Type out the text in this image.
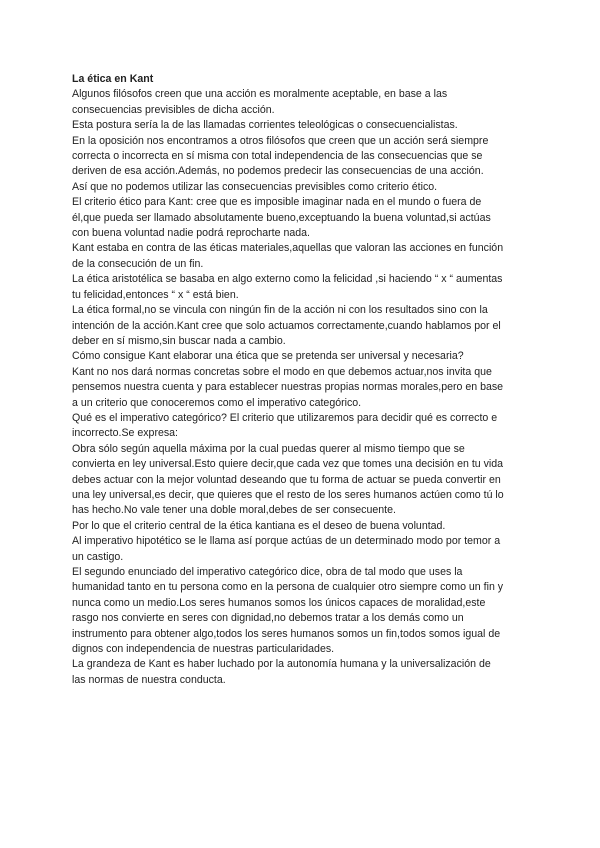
La ética en Kant
Algunos filósofos creen que una acción es moralmente aceptable, en base a lasconsecuencias previsibles de dicha acción.
Esta postura sería la de las llamadas corrientes teleológicas o consecuencialistas.
En la oposición nos encontramos a otros filósofos que creen que un acción será siemprecorrecta o incorrecta en sí misma con total independencia de las consecuencias que sederiven de esa acción.Además, no podemos predecir las consecuencias de una acción.Así que no podemos utilizar las consecuencias previsibles como criterio ético.
El criterio ético para Kant: cree que es imposible imaginar nada en el mundo o fuera deél,que pueda ser llamado absolutamente bueno,exceptuando la buena voluntad,si actúascon buena voluntad nadie podrá reprocharte nada.
Kant estaba en contra de las éticas materiales,aquellas que valoran las acciones en funciónde la consecución de un fin.
La ética aristotélica se basaba en algo externo como la felicidad ,si haciendo “ x “ aumentastu felicidad,entonces “ x “ está bien.
La ética formal,no se vincula con ningún fin de la acción ni con los resultados sino con laintención de la acción.Kant cree que solo actuamos correctamente,cuando hablamos por eldeber en sí mismo,sin buscar nada a cambio.
Cómo consigue Kant elaborar una ética que se pretenda ser universal y necesaria?
Kant no nos dará normas concretas sobre el modo en que debemos actuar,nos invita quepensemos nuestra cuenta y para establecer nuestras propias normas morales,pero en basea un criterio que conoceremos como el imperativo categórico.
Qué es el imperativo categórico? El criterio que utilizaremos para decidir qué es correcto eincorrecto.Se expresa:
Obra sólo según aquella máxima por la cual puedas querer al mismo tiempo que seconvierta en ley universal.Esto quiere decir,que cada vez que tomes una decisión en tu vidadebes actuar con la mejor voluntad deseando que tu forma de actuar se pueda convertir enuna ley universal,es decir, que quieres que el resto de los seres humanos actúen como tú lohas hecho.No vale tener una doble moral,debes de ser consecuente.
Por lo que el criterio central de la ética kantiana es el deseo de buena voluntad.
Al imperativo hipotético se le llama así porque actúas de un determinado modo por temor aun castigo.
El segundo enunciado del imperativo categórico dice, obra de tal modo que uses lahumanidad tanto en tu persona como en la persona de cualquier otro siempre como un fin ynunca como un medio.Los seres humanos somos los únicos capaces de moralidad,esterasgo nos convierte en seres con dignidad,no debemos tratar a los demás como uninstrumento para obtener algo,todos los seres humanos somos un fin,todos somos igual dedignos con independencia de nuestras particularidades.
La grandeza de Kant es haber luchado por la autonomía humana y la universalización delas normas de nuestra conducta.
